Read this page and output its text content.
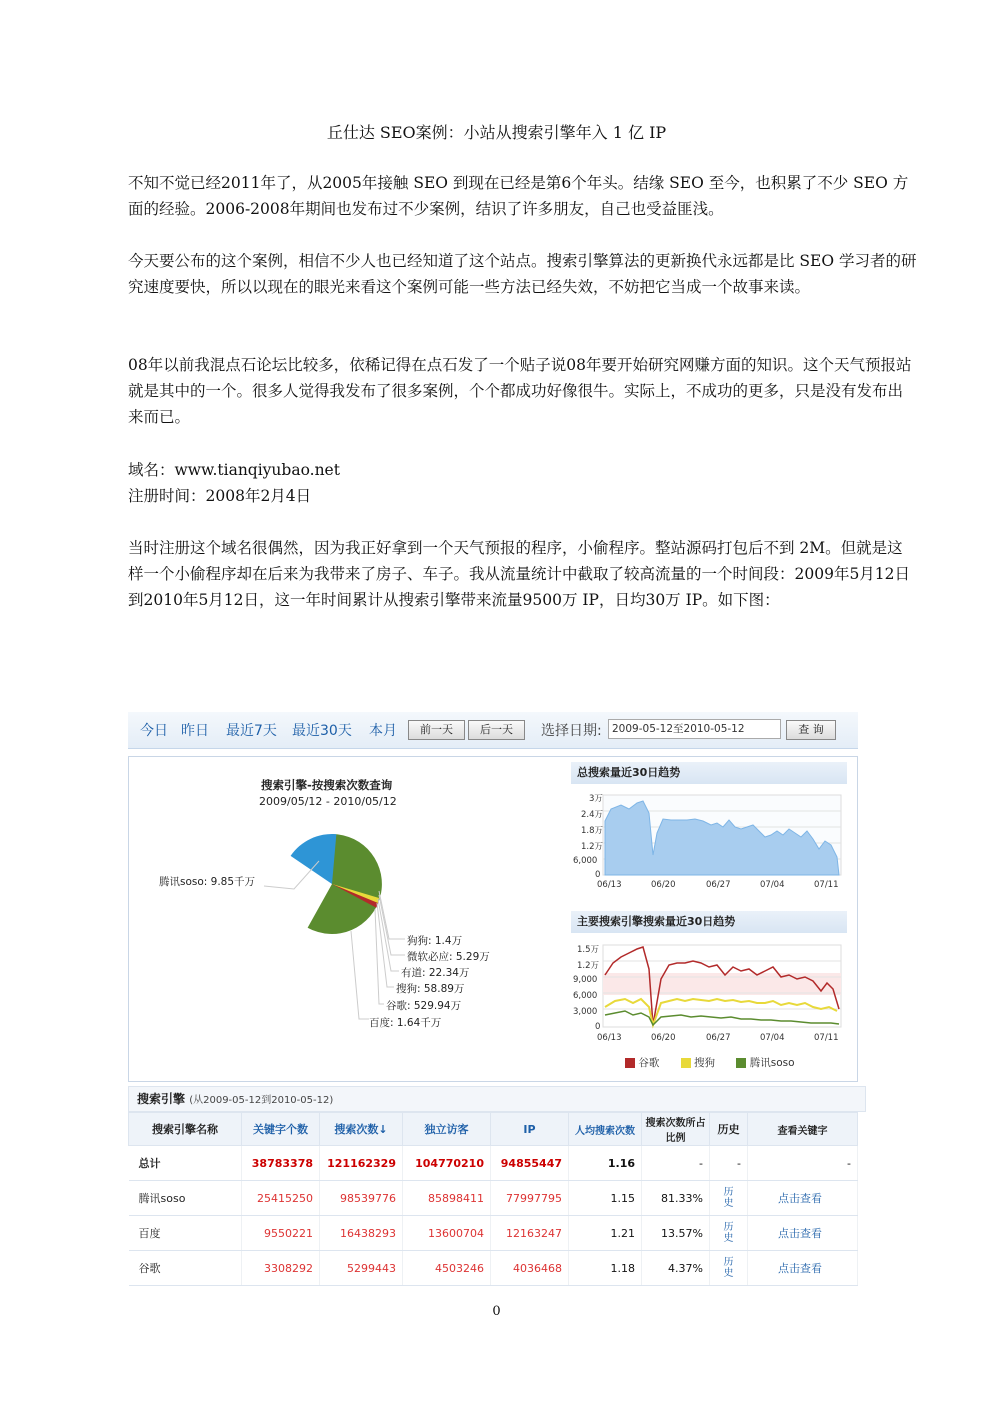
丘仕达 SEO案例：小站从搜索引擎年入 1 亿 IP

不知不觉已经2011年了，从2005年接触 SEO 到现在已经是第6个年头。结缘 SEO 至今，也积累了不少 SEO 方面的经验。2006-2008年期间也发布过不少案例，结识了许多朋友，自己也受益匪浅。

今天要公布的这个案例，相信不少人也已经知道了这个站点。搜索引擎算法的更新换代永远都是比 SEO 学习者的研究速度要快，所以以现在的眼光来看这个案例可能一些方法已经失效，不妨把它当成一个故事来读。

08年以前我混点石论坛比较多，依稀记得在点石发了一个贴子说08年要开始研究网赚方面的知识。这个天气预报站就是其中的一个。很多人觉得我发布了很多案例，个个都成功好像很牛。实际上，不成功的更多，只是没有发布出来而已。

域名：www.tianqiyubao.net

注册时间：2008年2月4日

当时注册这个域名很偶然，因为我正好拿到一个天气预报的程序，小偷程序。整站源码打包后不到 2M。但就是这样一个小偷程序却在后来为我带来了房子、车子。我从流量统计中截取了较高流量的一个时间段：2009年5月12日到2010年5月12日，这一年时间累计从搜索引擎带来流量9500万 IP，日均30万 IP。如下图：

今日 昨日 最近7天 最近30天 本月	前一天	后一天	选择日期: 2009-05-12至2010-05-12	查 询
搜索引擎-按搜索次数查询
2009/05/12 - 2010/05/12
腾讯soso: 9.85千万
狗狗: 1.4万
微软必应: 5.29万
有道: 22.34万
搜狗: 58.89万
谷歌: 529.94万
百度: 1.64千万
总搜索量近30日趋势
3万
2.4万
1.8万
1.2万
6,000
0
06/13	06/20	06/27	07/04	07/11
主要搜索引擎搜索量近30日趋势
1.5万
1.2万
9,000
6,000
3,000
0
06/13	06/20	06/27	07/04	07/11
谷歌	搜狗	腾讯soso
搜索引擎 (从2009-05-12到2010-05-12)
搜索引擎名称	关键字个数	搜索次数↓	独立访客	IP	人均搜索次数	搜索次数所占比例	历史	查看关键字
总计	38783378	121162329	104770210	94855447	1.16	-	-	-
腾讯soso	25415250	98539776	85898411	77997795	1.15	81.33%	历史	点击查看
百度	9550221	16438293	13600704	12163247	1.21	13.57%	历史	点击查看
谷歌	3308292	5299443	4503246	4036468	1.18	4.37%	历史	点击查看
0
